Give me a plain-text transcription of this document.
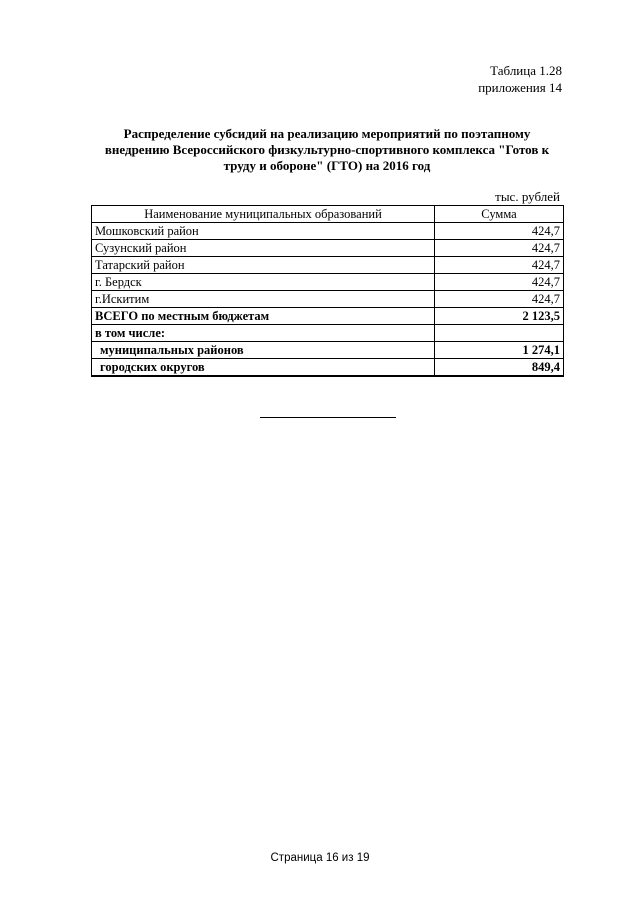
Таблица 1.28
приложения 14
Распределение субсидий на реализацию мероприятий по поэтапному
внедрению Всероссийского физкультурно-спортивного комплекса "Готов к
труду и обороне" (ГТО) на 2016 год
тыс. рублей
Наименование муниципальных образований	Сумма
Мошковский район	424,7
Сузунский район	424,7
Татарский район	424,7
г. Бердск	424,7
г.Искитим	424,7
ВСЕГО по местным бюджетам	2 123,5
в том числе:	
муниципальных районов	1 274,1
городских округов	849,4
Страница 16 из 19
